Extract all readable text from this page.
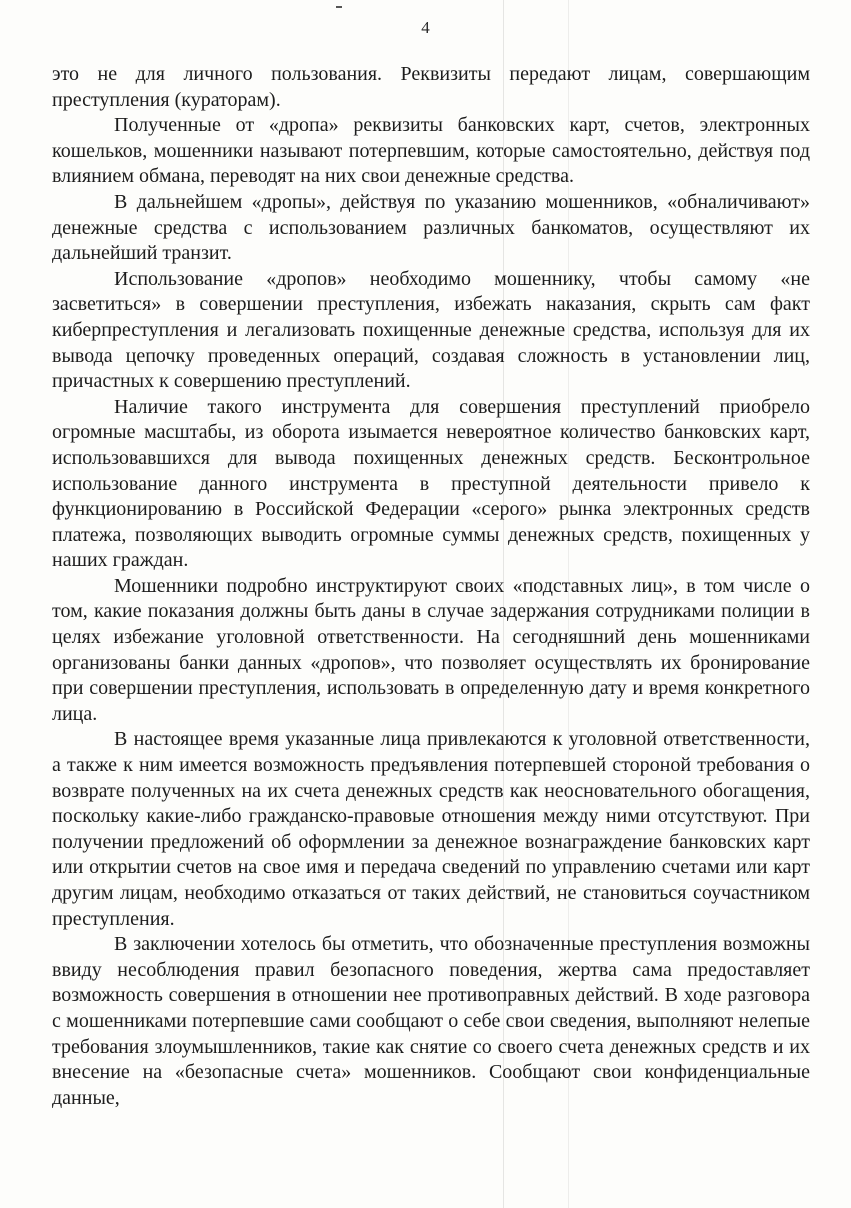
4

это не для личного пользования. Реквизиты передают лицам, совершающим преступления (кураторам).

Полученные от «дропа» реквизиты банковских карт, счетов, электронных кошельков, мошенники называют потерпевшим, которые самостоятельно, действуя под влиянием обмана, переводят на них свои денежные средства.

В дальнейшем «дропы», действуя по указанию мошенников, «обналичивают» денежные средства с использованием различных банкоматов, осуществляют их дальнейший транзит.

Использование «дропов» необходимо мошеннику, чтобы самому «не засветиться» в совершении преступления, избежать наказания, скрыть сам факт киберпреступления и легализовать похищенные денежные средства, используя для их вывода цепочку проведенных операций, создавая сложность в установлении лиц, причастных к совершению преступлений.

Наличие такого инструмента для совершения преступлений приобрело огромные масштабы, из оборота изымается невероятное количество банковских карт, использовавшихся для вывода похищенных денежных средств. Бесконтрольное использование данного инструмента в преступной деятельности привело к функционированию в Российской Федерации «серого» рынка электронных средств платежа, позволяющих выводить огромные суммы денежных средств, похищенных у наших граждан.

Мошенники подробно инструктируют своих «подставных лиц», в том числе о том, какие показания должны быть даны в случае задержания сотрудниками полиции в целях избежание уголовной ответственности. На сегодняшний день мошенниками организованы банки данных «дропов», что позволяет осуществлять их бронирование при совершении преступления, использовать в определенную дату и время конкретного лица.

В настоящее время указанные лица привлекаются к уголовной ответственности, а также к ним имеется возможность предъявления потерпевшей стороной требования о возврате полученных на их счета денежных средств как неосновательного обогащения, поскольку какие-либо гражданско-правовые отношения между ними отсутствуют. При получении предложений об оформлении за денежное вознаграждение банковских карт или открытии счетов на свое имя и передача сведений по управлению счетами или карт другим лицам, необходимо отказаться от таких действий, не становиться соучастником преступления.

В заключении хотелось бы отметить, что обозначенные преступления возможны ввиду несоблюдения правил безопасного поведения, жертва сама предоставляет возможность совершения в отношении нее противоправных действий. В ходе разговора с мошенниками потерпевшие сами сообщают о себе свои сведения, выполняют нелепые требования злоумышленников, такие как снятие со своего счета денежных средств и их внесение на «безопасные счета» мошенников. Сообщают свои конфиденциальные данные,
